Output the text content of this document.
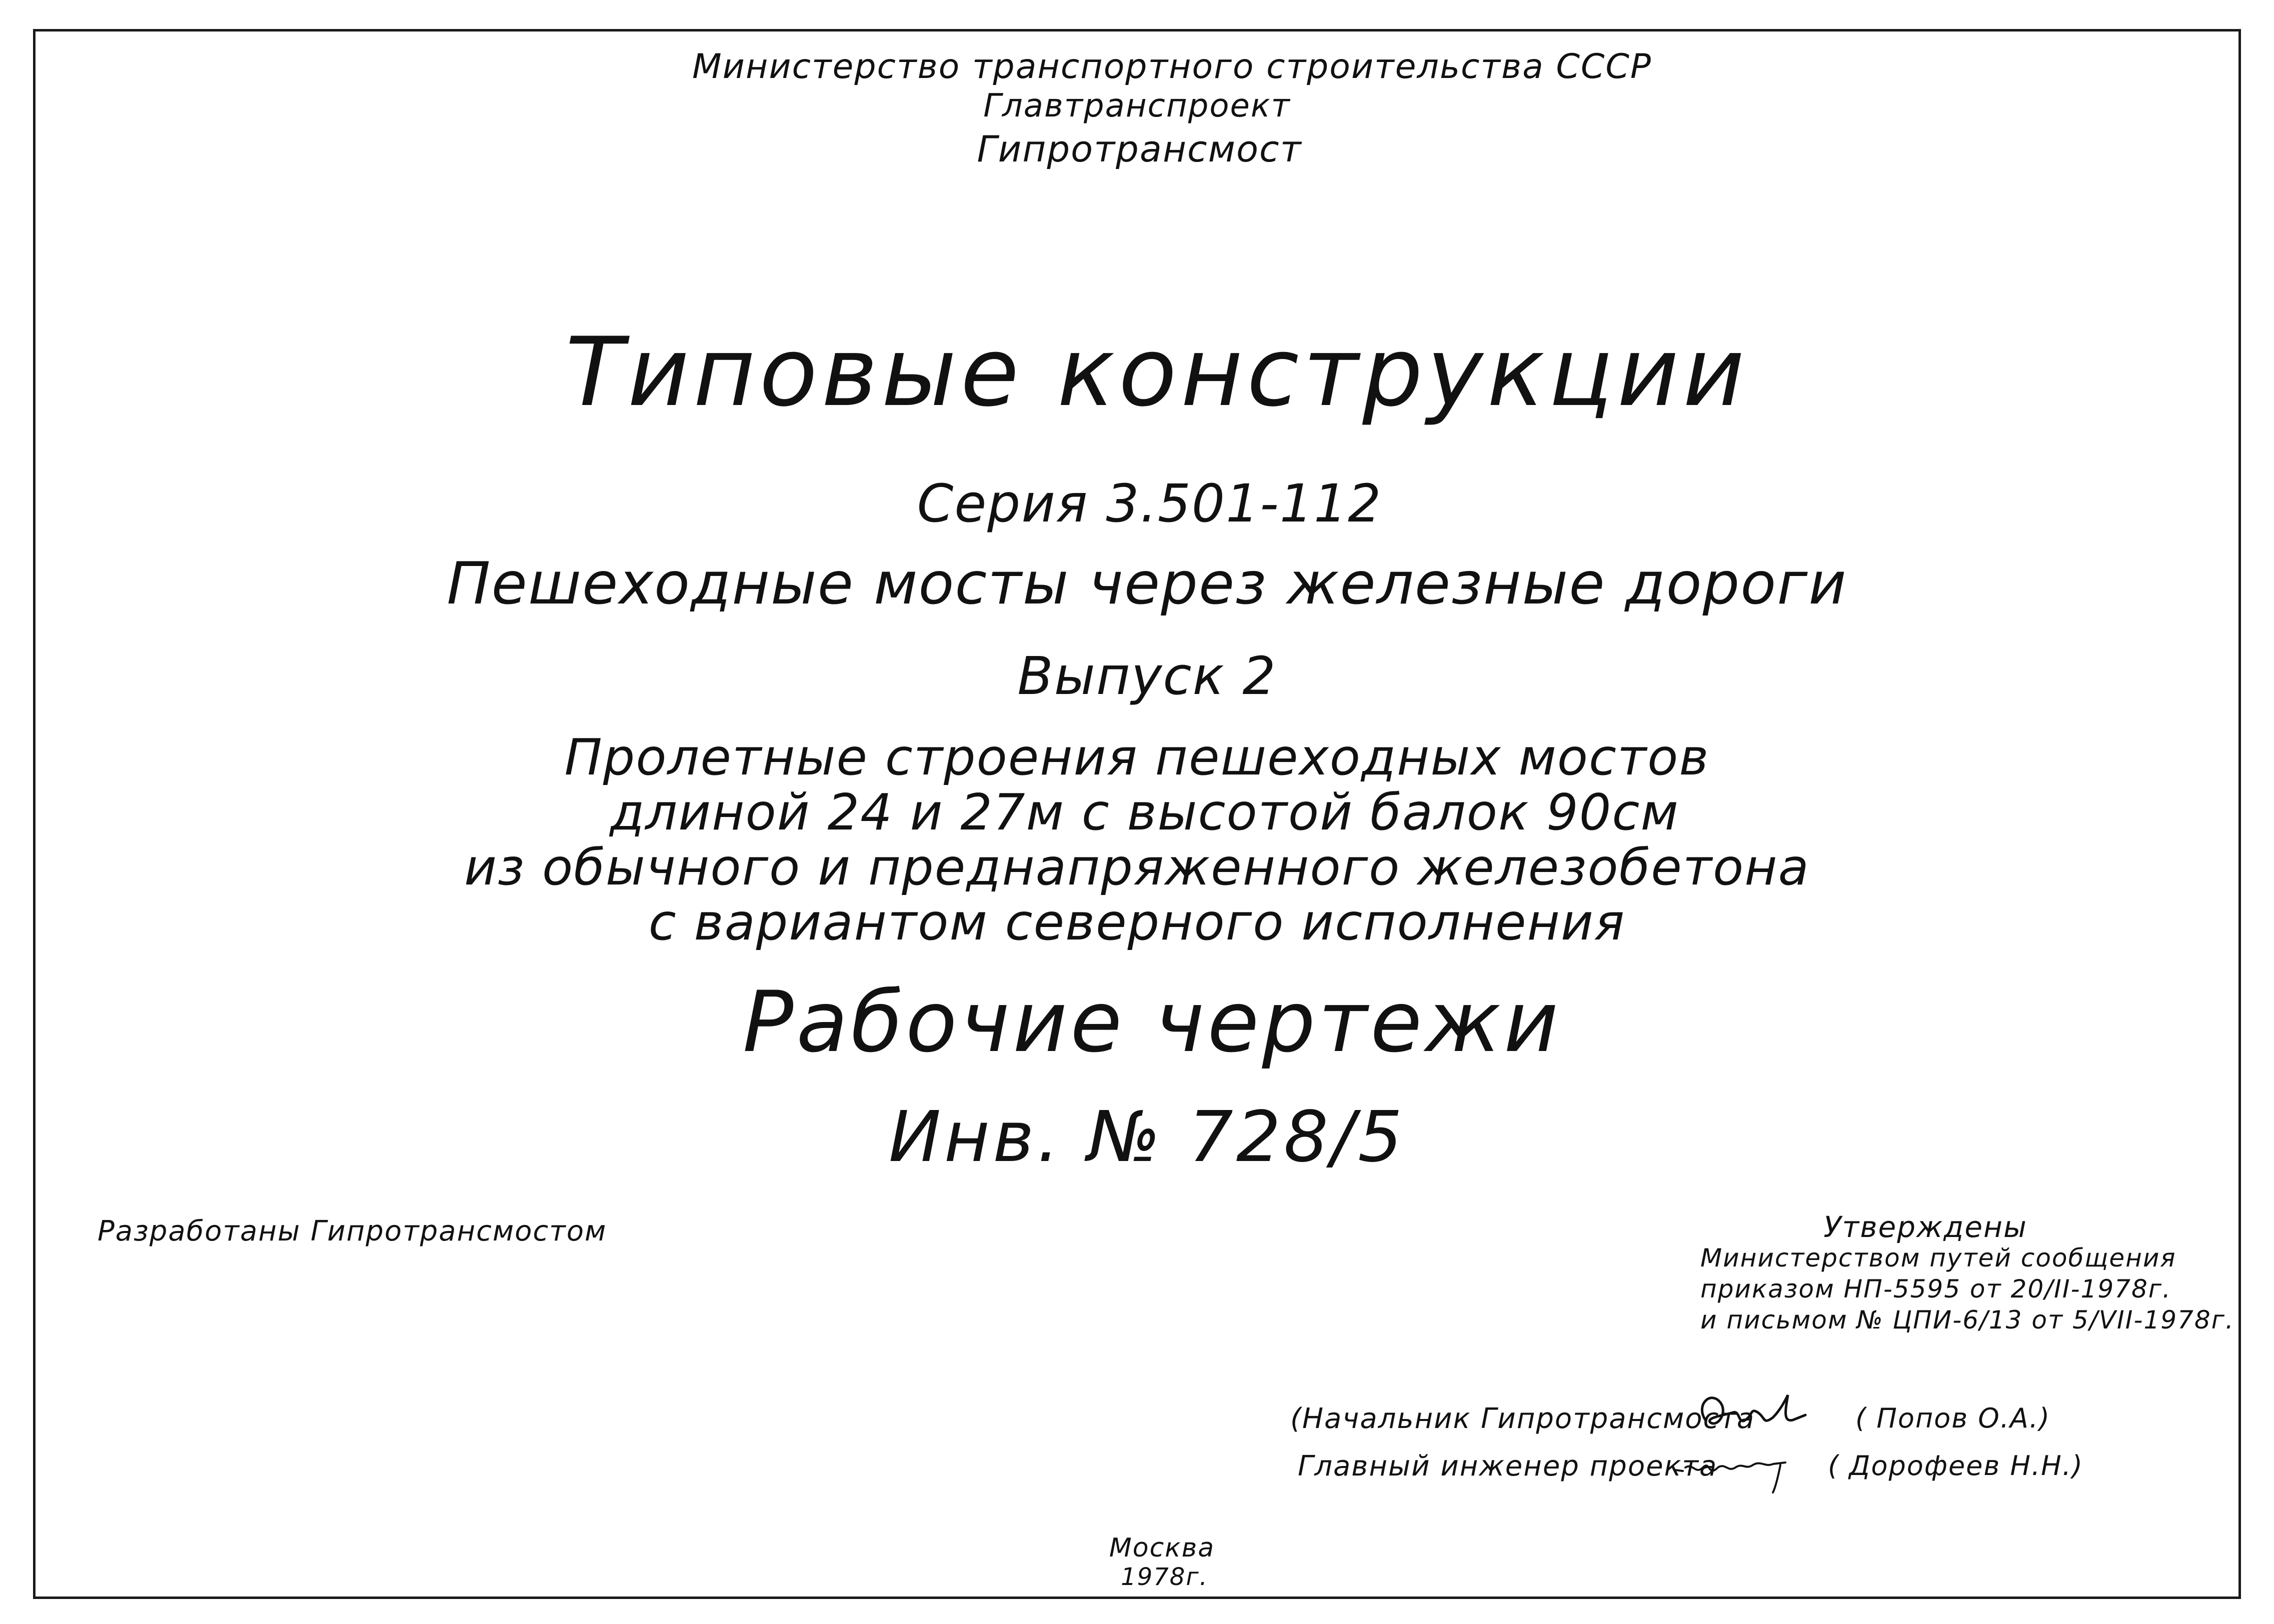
Министерство транспортного строительства СССР
Главтранспроект
Гипротрансмост
Типовые конструкции
Серия 3.501-112
Пешеходные мосты через железные дороги
Выпуск 2
Пролетные строения пешеходных мостов
длиной 24 и 27м с высотой балок 90см
из обычного и преднапряженного железобетона
с вариантом северного исполнения
Рабочие чертежи
Инв. № 728/5
Разработаны Гипротрансмостом	Утверждены
Министерством путей сообщения
приказом НП-5595 от 20/II-1978г.
и письмом № ЦПИ-6/13 от 5/VII-1978г.
(Начальник Гипротрансмоста
Главный инженер проекта
( Попов О.А.)
( Дорофеев Н.Н.)
Москва
1978г.
